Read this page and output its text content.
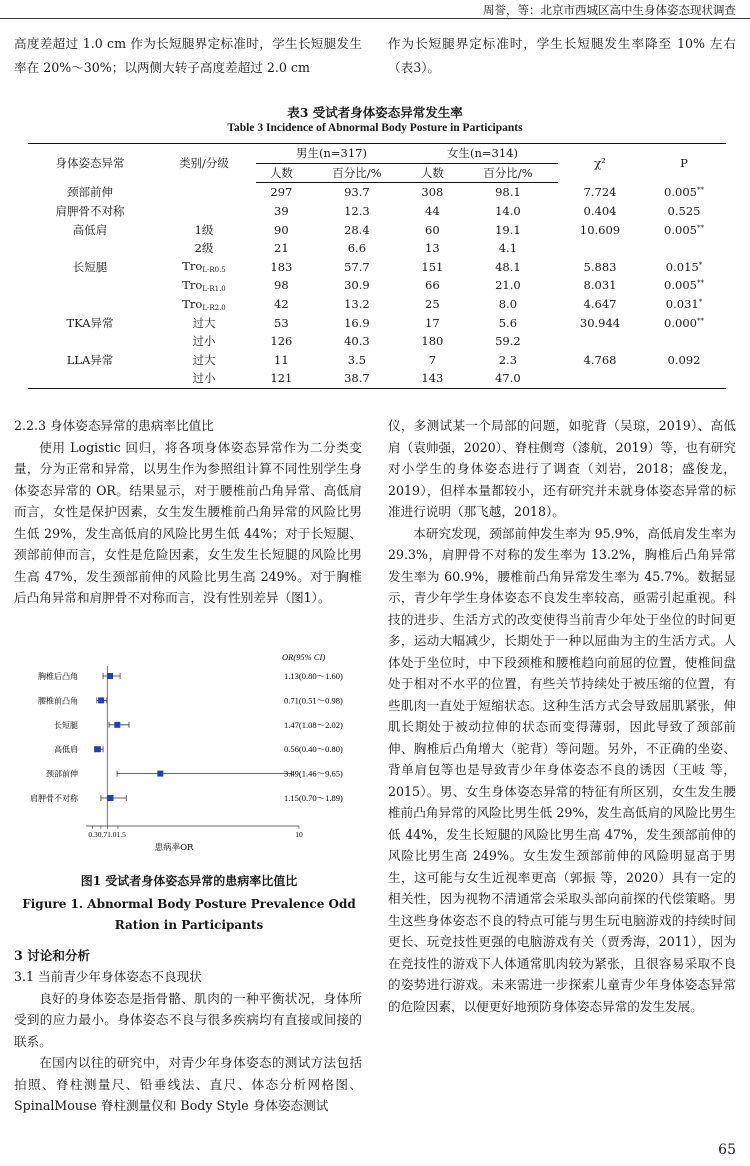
周誉，等：北京市西城区高中生身体姿态现状调查

高度差超过 1.0 cm 作为长短腿界定标准时，学生长短腿发生率在 20%～30%；以两侧大转子高度差超过 2.0 cm

作为长短腿界定标准时，学生长短腿发生率降至 10% 左右（表3）。

表3 受试者身体姿态异常发生率
Table 3 Incidence of Abnormal Body Posture in Participants
身体姿态异常	类别/分级	男生(n=317)		女生(n=314)		χ²	P
		人数	百分比/%	人数	百分比/%		
颈部前伸		297	93.7	308	98.1	7.724	0.005**
肩胛骨不对称		39	12.3	44	14.0	0.404	0.525
高低肩	1级	90	28.4	60	19.1	10.609	0.005**
	2级	21	6.6	13	4.1		
长短腿	Tro$_{L-R0.5}$	183	57.7	151	48.1	5.883	0.015*
	Tro$_{L-R1.0}$	98	30.9	66	21.0	8.031	0.005**
	Tro$_{L-R2.0}$	42	13.2	25	8.0	4.647	0.031*
TKA异常	过大	53	16.9	17	5.6	30.944	0.000**
	过小	126	40.3	180	59.2		
LLA异常	过大	11	3.5	7	2.3	4.768	0.092
	过小	121	38.7	143	47.0		

2.2.3 身体姿态异常的患病率比值比

使用 Logistic 回归，将各项身体姿态异常作为二分类变量，分为正常和异常，以男生作为参照组计算不同性别学生身体姿态异常的 OR。结果显示，对于腰椎前凸角异常、高低肩而言，女性是保护因素，女生发生腰椎前凸角异常的风险比男生低 29%，发生高低肩的风险比男生低 44%；对于长短腿、颈部前伸而言，女性是危险因素，女生发生长短腿的风险比男生高 47%，发生颈部前伸的风险比男生高 249%。对于胸椎后凸角异常和肩胛骨不对称而言，没有性别差异（图1）。

OR(95% CI)
胸椎后凸角	1.13(0.80～1.60)
腰椎前凸角	0.71(0.51～0.98)
长短腿	1.47(1.08～2.02)
高低肩	0.56(0.40～0.80)
颈部前伸	3.49(1.46～9.65)
肩胛骨不对称	1.15(0.70～1.89)
0.30.71.01.5	10
患病率OR
图1 受试者身体姿态异常的患病率比值比
Figure 1. Abnormal Body Posture Prevalence Odd Ration in Participants
3 讨论和分析

3.1 当前青少年身体姿态不良现状

良好的身体姿态是指骨骼、肌肉的一种平衡状况，身体所受到的应力最小。身体姿态不良与很多疾病均有直接或间接的联系。

在国内以往的研究中，对青少年身体姿态的测试方法包括拍照、脊柱测量尺、铅垂线法、直尺、体态分析网格图、SpinalMouse 脊柱测量仪和 Body Style 身体姿态测试

仪，多测试某一个局部的问题，如驼背（吴琼，2019）、高低肩（袁帅强，2020）、脊柱侧弯（漆航，2019）等，也有研究对小学生的身体姿态进行了调查（刘岩，2018；盛俊龙，2019），但样本量都较小，还有研究并未就身体姿态异常的标准进行说明（那飞越，2018）。

本研究发现，颈部前伸发生率为 95.9%，高低肩发生率为 29.3%，肩胛骨不对称的发生率为 13.2%，胸椎后凸角异常发生率为 60.9%，腰椎前凸角异常发生率为 45.7%。数据显示，青少年学生身体姿态不良发生率较高，亟需引起重视。科技的进步、生活方式的改变使得当前青少年处于坐位的时间更多，运动大幅减少，长期处于一种以屈曲为主的生活方式。人体处于坐位时，中下段颈椎和腰椎趋向前屈的位置，使椎间盘处于相对不水平的位置，有些关节持续处于被压缩的位置，有些肌肉一直处于短缩状态。这种生活方式会导致屈肌紧张，伸肌长期处于被动拉伸的状态而变得薄弱，因此导致了颈部前伸、胸椎后凸角增大（驼背）等问题。另外，不正确的坐姿、背单肩包等也是导致青少年身体姿态不良的诱因（王岐 等，2015）。男、女生身体姿态异常的特征有所区别，女生发生腰椎前凸角异常的风险比男生低 29%，发生高低肩的风险比男生低 44%，发生长短腿的风险比男生高 47%，发生颈部前伸的风险比男生高 249%。女生发生颈部前伸的风险明显高于男生，这可能与女生近视率更高（郭振 等，2020）具有一定的相关性，因为视物不清通常会采取头部向前探的代偿策略。男生这些身体姿态不良的特点可能与男生玩电脑游戏的持续时间更长、玩竞技性更强的电脑游戏有关（贾秀海，2011），因为在竞技性的游戏下人体通常肌肉较为紧张，且很容易采取不良的姿势进行游戏。未来需进一步探索儿童青少年身体姿态异常的危险因素，以便更好地预防身体姿态异常的发生发展。

65
